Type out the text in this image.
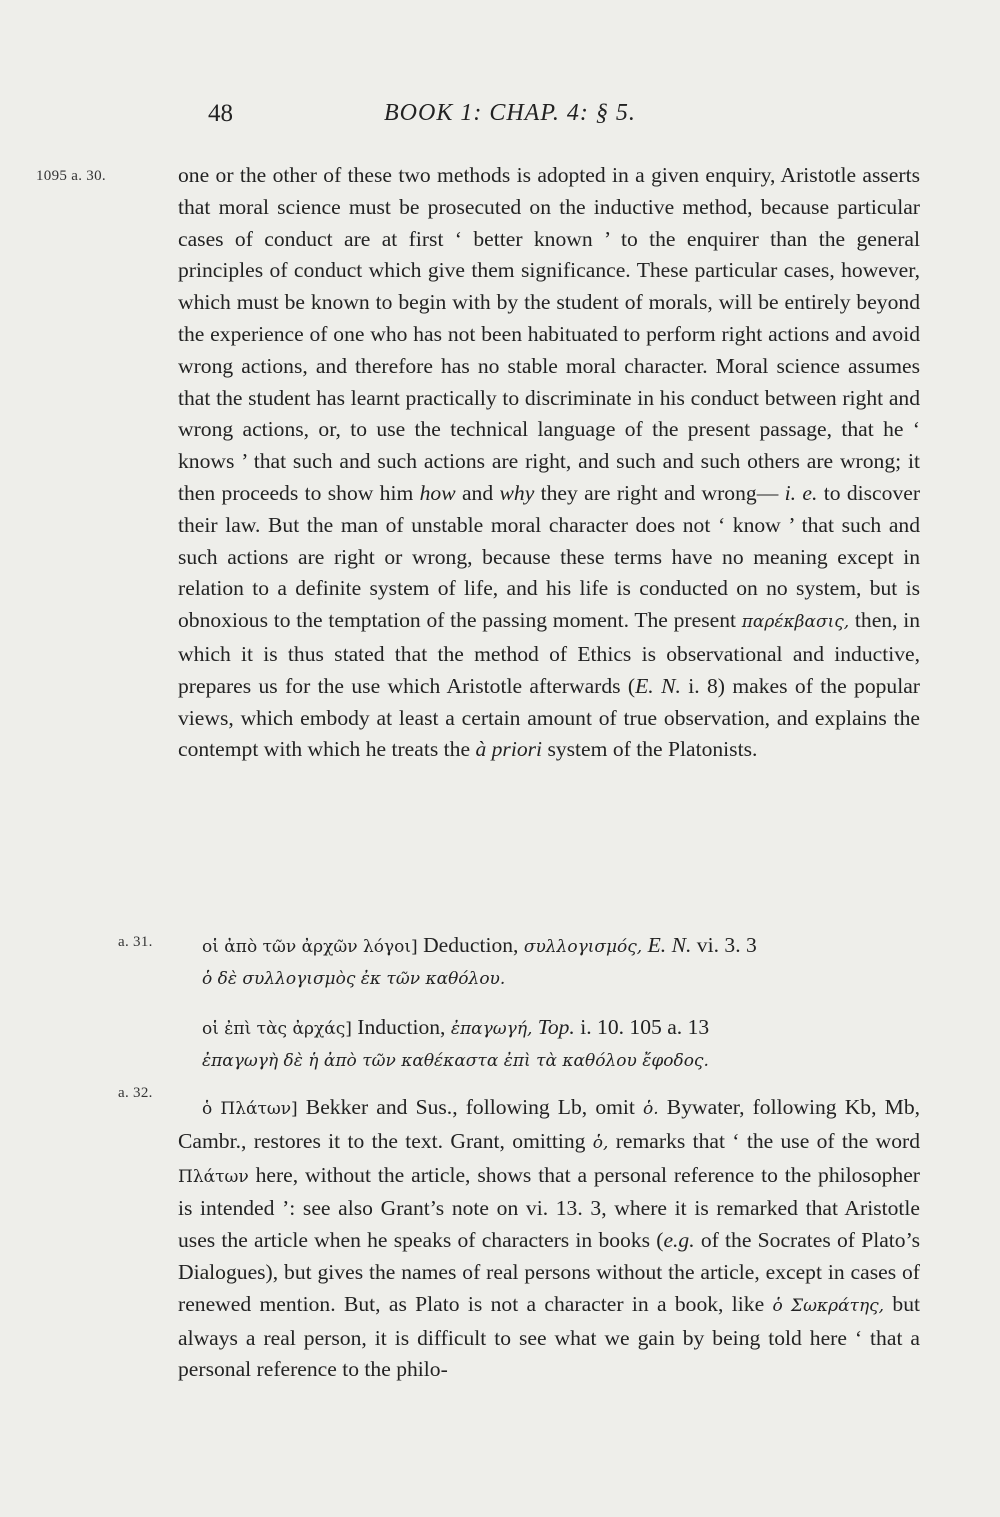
48	BOOK 1: CHAP. 4: § 5.
1095 a. 30.
a. 31.
a. 32.
one or the other of these two methods is adopted in a given enquiry, Aristotle asserts that moral science must be prosecuted on the inductive method, because particular cases of conduct are at first ‘ better known ’ to the enquirer than the general principles of conduct which give them significance. These particular cases, however, which must be known to begin with by the student of morals, will be entirely beyond the experience of one who has not been habituated to perform right actions and avoid wrong actions, and therefore has no stable moral character. Moral science assumes that the student has learnt practically to discriminate in his conduct between right and wrong actions, or, to use the technical language of the present passage, that he ‘ knows ’ that such and such actions are right, and such and such others are wrong; it then proceeds to show him how and why they are right and wrong— i. e. to discover their law. But the man of unstable moral character does not ‘ know ’ that such and such actions are right or wrong, because these terms have no meaning except in relation to a definite system of life, and his life is conducted on no system, but is obnoxious to the temptation of the passing moment. The present παρέκβασις, then, in which it is thus stated that the method of Ethics is observational and inductive, prepares us for the use which Aristotle afterwards (E. N. i. 8) makes of the popular views, which embody at least a certain amount of true observation, and explains the contempt with which he treats the à priori system of the Platonists.
οἱ ἀπὸ τῶν ἀρχῶν λόγοι] Deduction, συλλογισμός, E. N. vi. 3. 3
ὁ δὲ συλλογισμὸς ἐκ τῶν καθόλου.
οἱ ἐπὶ τὰς ἀρχάς] Induction, ἐπαγωγή, Top. i. 10. 105 a. 13
ἐπαγωγὴ δὲ ἡ ἀπὸ τῶν καθέκαστα ἐπὶ τὰ καθόλου ἔφοδος.
ὁ Πλάτων] Bekker and Sus., following Lb, omit ὁ. Bywater, following Kb, Mb, Cambr., restores it to the text. Grant, omitting ὁ, remarks that ‘ the use of the word Πλάτων here, without the article, shows that a personal reference to the philosopher is intended ’: see also Grant’s note on vi. 13. 3, where it is remarked that Aristotle uses the article when he speaks of characters in books (e.g. of the Socrates of Plato’s Dialogues), but gives the names of real persons without the article, except in cases of renewed mention. But, as Plato is not a character in a book, like ὁ Σωκράτης, but always a real person, it is difficult to see what we gain by being told here ‘ that a personal reference to the philo-
